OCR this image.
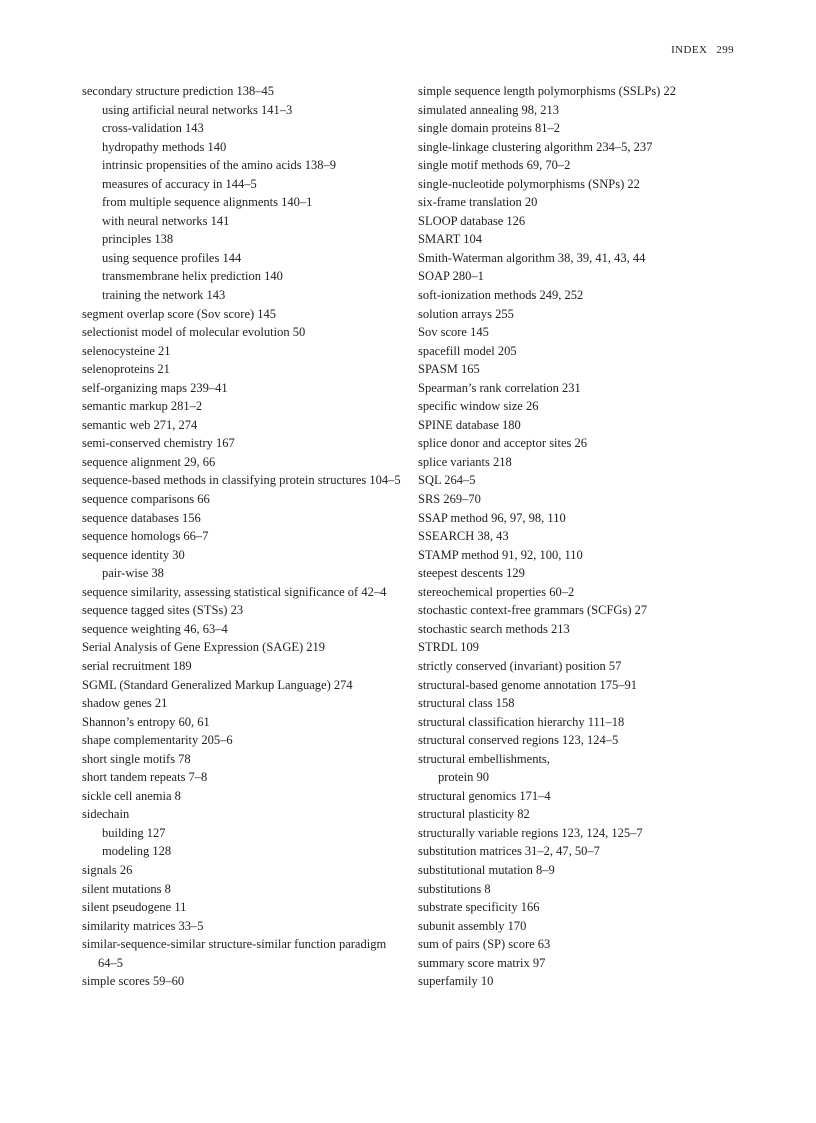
INDEX 299
secondary structure prediction 138–45
using artificial neural networks 141–3
cross-validation 143
hydropathy methods 140
intrinsic propensities of the amino acids 138–9
measures of accuracy in 144–5
from multiple sequence alignments 140–1
with neural networks 141
principles 138
using sequence profiles 144
transmembrane helix prediction 140
training the network 143
segment overlap score (Sov score) 145
selectionist model of molecular evolution 50
selenocysteine 21
selenoproteins 21
self-organizing maps 239–41
semantic markup 281–2
semantic web 271, 274
semi-conserved chemistry 167
sequence alignment 29, 66
sequence-based methods in classifying protein structures 104–5
sequence comparisons 66
sequence databases 156
sequence homologs 66–7
sequence identity 30
pair-wise 38
sequence similarity, assessing statistical significance of 42–4
sequence tagged sites (STSs) 23
sequence weighting 46, 63–4
Serial Analysis of Gene Expression (SAGE) 219
serial recruitment 189
SGML (Standard Generalized Markup Language) 274
shadow genes 21
Shannon’s entropy 60, 61
shape complementarity 205–6
short single motifs 78
short tandem repeats 7–8
sickle cell anemia 8
sidechain
building 127
modeling 128
signals 26
silent mutations 8
silent pseudogene 11
similarity matrices 33–5
similar-sequence-similar structure-similar function paradigm 64–5
simple scores 59–60
simple sequence length polymorphisms (SSLPs) 22
simulated annealing 98, 213
single domain proteins 81–2
single-linkage clustering algorithm 234–5, 237
single motif methods 69, 70–2
single-nucleotide polymorphisms (SNPs) 22
six-frame translation 20
SLOOP database 126
SMART 104
Smith-Waterman algorithm 38, 39, 41, 43, 44
SOAP 280–1
soft-ionization methods 249, 252
solution arrays 255
Sov score 145
spacefill model 205
SPASM 165
Spearman’s rank correlation 231
specific window size 26
SPINE database 180
splice donor and acceptor sites 26
splice variants 218
SQL 264–5
SRS 269–70
SSAP method 96, 97, 98, 110
SSEARCH 38, 43
STAMP method 91, 92, 100, 110
steepest descents 129
stereochemical properties 60–2
stochastic context-free grammars (SCFGs) 27
stochastic search methods 213
STRDL 109
strictly conserved (invariant) position 57
structural-based genome annotation 175–91
structural class 158
structural classification hierarchy 111–18
structural conserved regions 123, 124–5
structural embellishments,
protein 90
structural genomics 171–4
structural plasticity 82
structurally variable regions 123, 124, 125–7
substitution matrices 31–2, 47, 50–7
substitutional mutation 8–9
substitutions 8
substrate specificity 166
subunit assembly 170
sum of pairs (SP) score 63
summary score matrix 97
superfamily 10
